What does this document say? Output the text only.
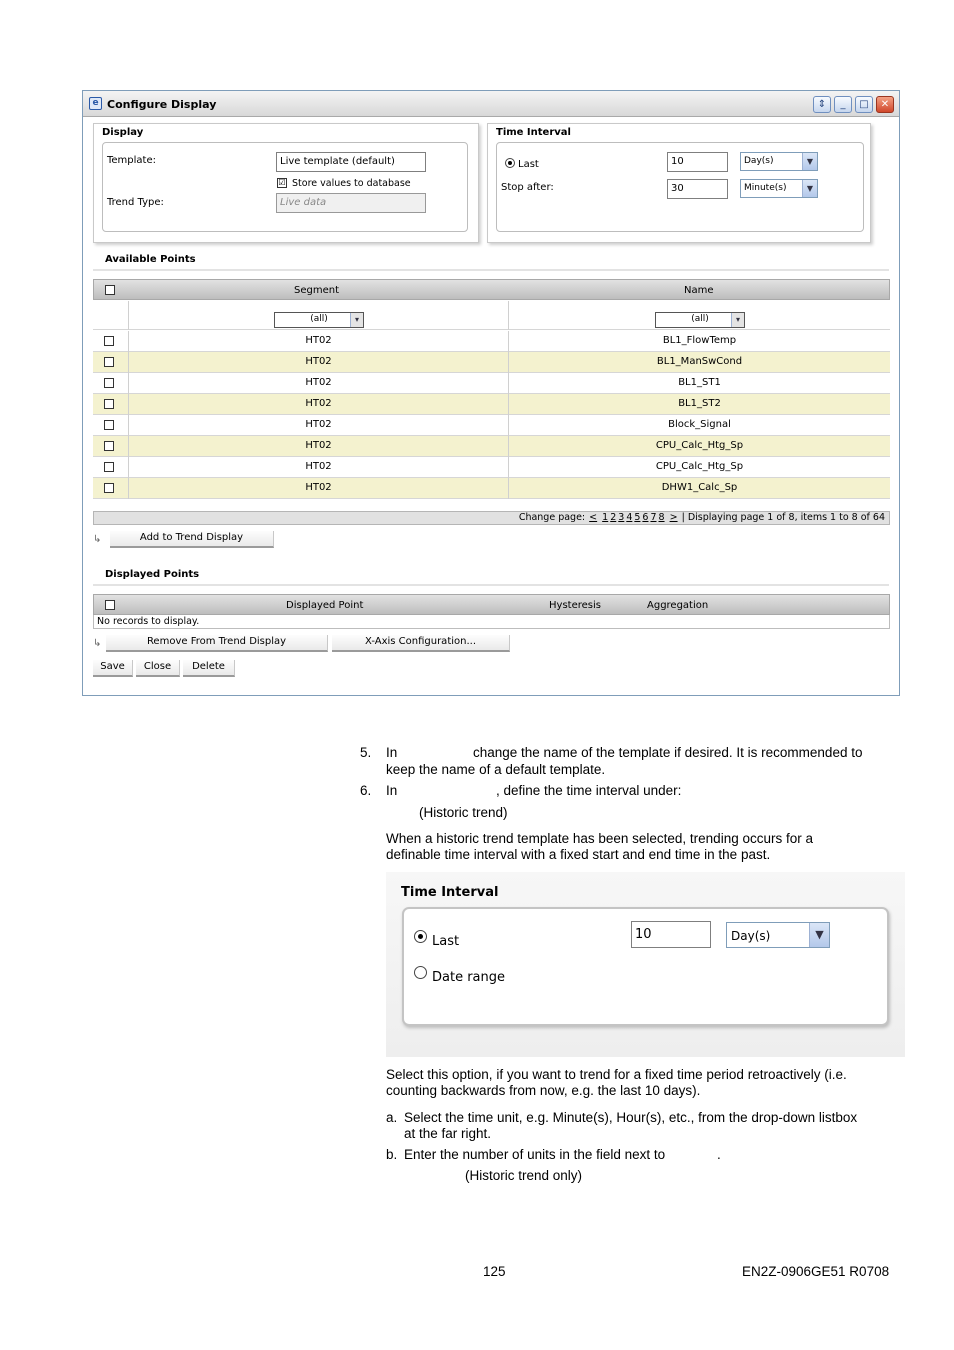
e Configure Display	⇕	_	□	✕
Display
Template:	Live template (default)
☑ Store values to database
Trend Type:	Live data
Time Interval
Last	10	Day(s)	▼
Stop after:	30	Minute(s)	▼
Available Points
Segment	Name
(all)	▾	(all)	▾
HT02	BL1_FlowTemp
HT02	BL1_ManSwCond
HT02	BL1_ST1
HT02	BL1_ST2
HT02	Block_Signal
HT02	CPU_Calc_Htg_Sp
HT02	CPU_Calc_Htg_Sp
HT02	DHW1_Calc_Sp
Change page: < 1 2 3 4 5 6 7 8 > | Displaying page 1 of 8, items 1 to 8 of 64
↳	Add to Trend Display
Displayed Points
Displayed Point	Hysteresis	Aggregation
No records to display.
↳	Remove From Trend Display	X-Axis Configuration...
Save	Close	Delete
5. In	change the name of the template if desired. It is recommended to
keep the name of a default template.
6. In	, define the time interval under:
(Historic trend)
When a historic trend template has been selected, trending occurs for a
definable time interval with a fixed start and end time in the past.
Time Interval
Last	10	Day(s)	▼
Date range
Select this option, if you want to trend for a fixed time period retroactively (i.e.
counting backwards from now, e.g. the last 10 days).
a. Select the time unit, e.g. Minute(s), Hour(s), etc., from the drop-down listbox
at the far right.
b. Enter the number of units in the field next to	.
(Historic trend only)
125	EN2Z-0906GE51 R0708
